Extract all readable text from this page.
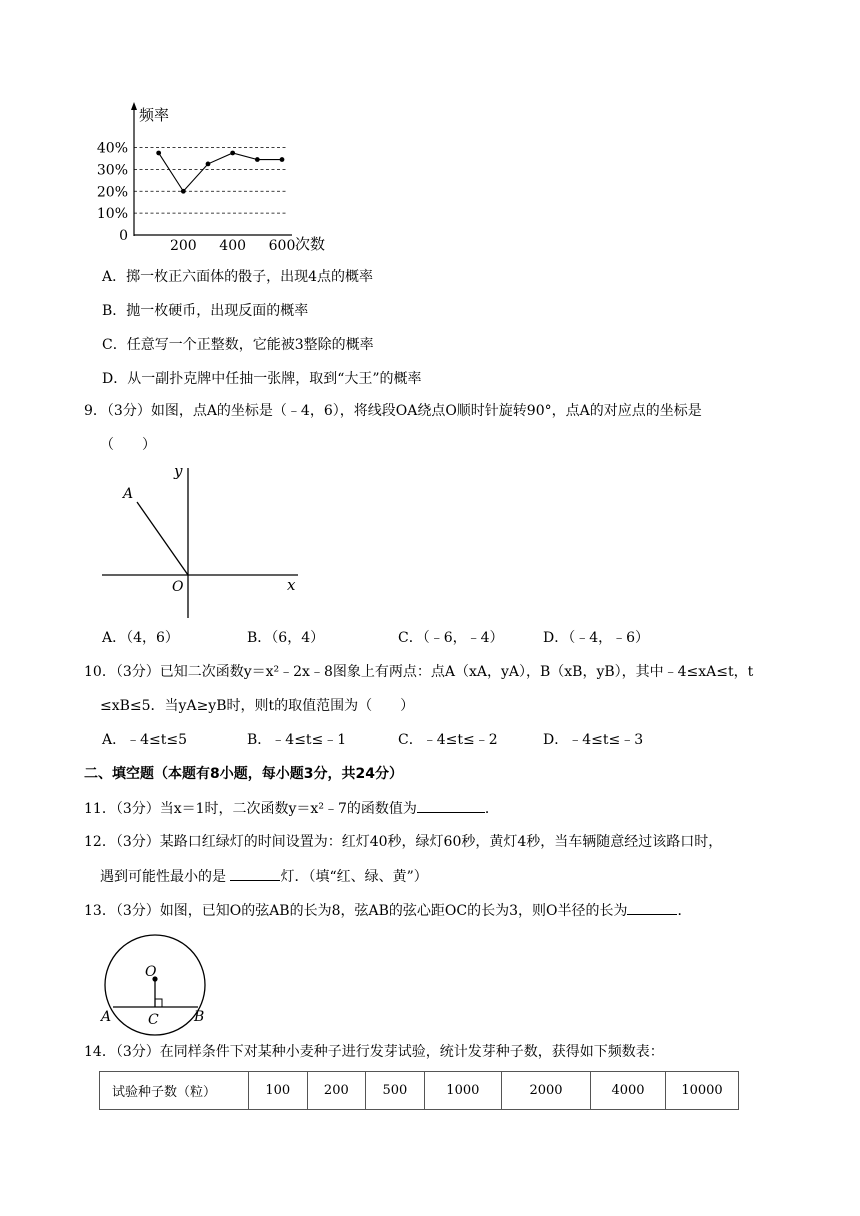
频率
次数
0
10%
20%
30%
40%
200 400 600
A．掷一枚正六面体的骰子，出现4点的概率
B．抛一枚硬币，出现反面的概率
C．任意写一个正整数，它能被3整除的概率
D．从一副扑克牌中任抽一张牌，取到“大王”的概率
9．（3分）如图，点A的坐标是（﹣4，6），将线段OA绕点O顺时针旋转90°，点A的对应点的坐标是
（　　）
y
x
O
A
A．（4，6）	B．（6，4）	C．（﹣6，﹣4）	D．（﹣4，﹣6）
10．（3分）已知二次函数y＝x²﹣2x﹣8图象上有两点：点A（xA，yA），B（xB，yB），其中﹣4≤xA≤t，t
≤xB≤5．当yA≥yB时，则t的取值范围为（　　）
A．﹣4≤t≤5	B．﹣4≤t≤﹣1	C．﹣4≤t≤﹣2	D．﹣4≤t≤﹣3
二、填空题（本题有8小题，每小题3分，共24分）
11．（3分）当x＝1时，二次函数y＝x²﹣7的函数值为	．
12．（3分）某路口红绿灯的时间设置为：红灯40秒，绿灯60秒，黄灯4秒，当车辆随意经过该路口时，
遇到可能性最小的是	灯．（填“红、绿、黄”）
13．（3分）如图，已知O的弦AB的长为8，弦AB的弦心距OC的长为3，则O半径的长为	．
O
A	C	B
14．（3分）在同样条件下对某种小麦种子进行发芽试验，统计发芽种子数，获得如下频数表：
试验种子数（粒）	100	200	500	1000	2000	4000	10000
